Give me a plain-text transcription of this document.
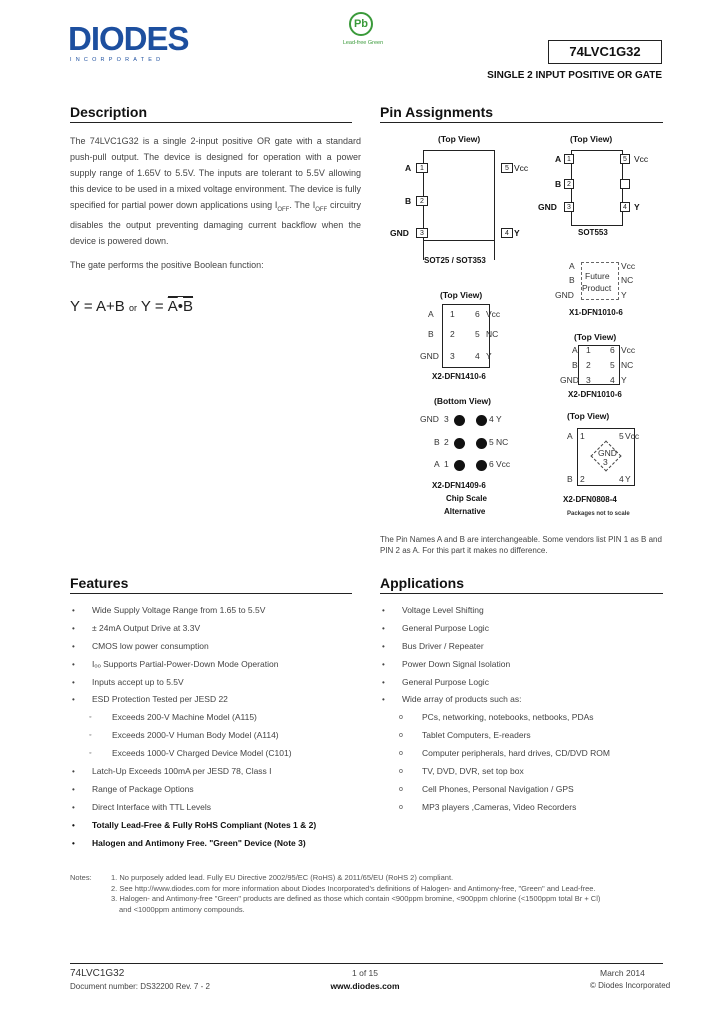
DIODES
INCORPORATED
Pb
Lead-free Green
74LVC1G32
SINGLE 2 INPUT POSITIVE OR GATE
Description
The 74LVC1G32 is a single 2-input positive OR gate with a standard push-pull output. The device is designed for operation with a power supply range of 1.65V to 5.5V. The inputs are tolerant to 5.5V allowing this device to be used in a mixed voltage environment. The device is fully specified for partial power down applications using $I_{OFF}$. The $I_{OFF}$ circuitry disables the output preventing damaging current backflow when the device is powered down.
The gate performs the positive Boolean function:
Y = A+B or $Y = \overline{A}•\overline{B}$
Pin Assignments
(Top View)
A	1
B	2
GND	3
5 Vcc
4 Y
SOT25 / SOT353
(Top View)
A 1
B 2
GND	3
5 Vcc
4 Y
SOT553
A
B
GND
Future
Product
Vcc
NC
Y
X1-DFN1010-6
(Top View)
A 1
B 2
GND 3
6 Vcc
5 NC
4 Y
X2-DFN1410-6
(Top View)
A 1
B 2
GND 3
6 Vcc
5 NC
4 Y
X2-DFN1010-6
(Bottom View)
GND 3	4 Y
B 2	5 NC
A 1	6 Vcc
X2-DFN1409-6
Chip Scale
Alternative
(Top View)
GND
3
A 1	5 Vcc
B 2	4 Y
X2-DFN0808-4
Packages not to scale
The Pin Names A and B are interchangeable. Some vendors list PIN 1 as B and PIN 2 as A. For this part it makes no difference.
Features
• Wide Supply Voltage Range from 1.65 to 5.5V
• ± 24mA Output Drive at 3.3V
• CMOS low power consumption
• Iₒₒ Supports Partial-Power-Down Mode Operation
• Inputs accept up to 5.5V
• ESD Protection Tested per JESD 22
◦ Exceeds 200-V Machine Model (A115)
◦ Exceeds 2000-V Human Body Model (A114)
◦ Exceeds 1000-V Charged Device Model (C101)
• Latch-Up Exceeds 100mA per JESD 78, Class I
• Range of Package Options
• Direct Interface with TTL Levels
• Totally Lead-Free & Fully RoHS Compliant (Notes 1 & 2)
• Halogen and Antimony Free. "Green" Device (Note 3)
Applications
• Voltage Level Shifting
• General Purpose Logic
• Bus Driver / Repeater
• Power Down Signal Isolation
• General Purpose Logic
• Wide array of products such as:
o PCs, networking, notebooks, netbooks, PDAs
o Tablet Computers, E-readers
o Computer peripherals, hard drives, CD/DVD ROM
o TV, DVD, DVR, set top box
o Cell Phones, Personal Navigation / GPS
o MP3 players ,Cameras, Video Recorders
Notes:	1. No purposely added lead. Fully EU Directive 2002/95/EC (RoHS) & 2011/65/EU (RoHS 2) compliant.
2. See http://www.diodes.com for more information about Diodes Incorporated's definitions of Halogen- and Antimony-free, "Green" and Lead-free.
3. Halogen- and Antimony-free "Green" products are defined as those which contain <900ppm bromine, <900ppm chlorine (<1500ppm total Br + Cl)
and <1000ppm antimony compounds.
74LVC1G32
Document number: DS32200 Rev. 7 - 2
1 of 15
www.diodes.com
March 2014
© Diodes Incorporated
